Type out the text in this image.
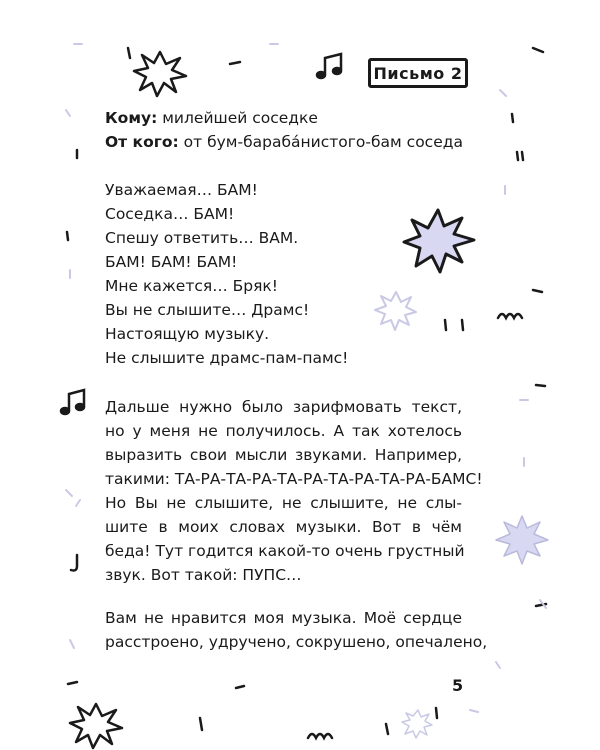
Письмо 2
Кому: милейшей соседке
От кого: от бум-барабáнистого-бам соседа
Уважаемая… БАМ!
Соседка… БАМ!
Спешу ответить… ВАМ.
БАМ! БАМ! БАМ!
Мне кажется… Бряк!
Вы не слышите… Драмс!
Настоящую музыку.
Не слышите драмс-пам-памс!
Дальше нужно было зарифмовать текст,
но у меня не получилось. А так хотелось
выразить свои мысли звуками. Например,
такими: ТА-РА-ТА-РА-ТА-РА-ТА-РА-ТА-РА-БАМС!
Но Вы не слышите, не слышите, не слы-
шите в моих словах музыки. Вот в чём
беда! Тут годится какой-то очень грустный
звук. Вот такой: ПУПС…
Вам не нравится моя музыка. Моё сердце
расстроено, удручено, сокрушено, опечалено,
5
